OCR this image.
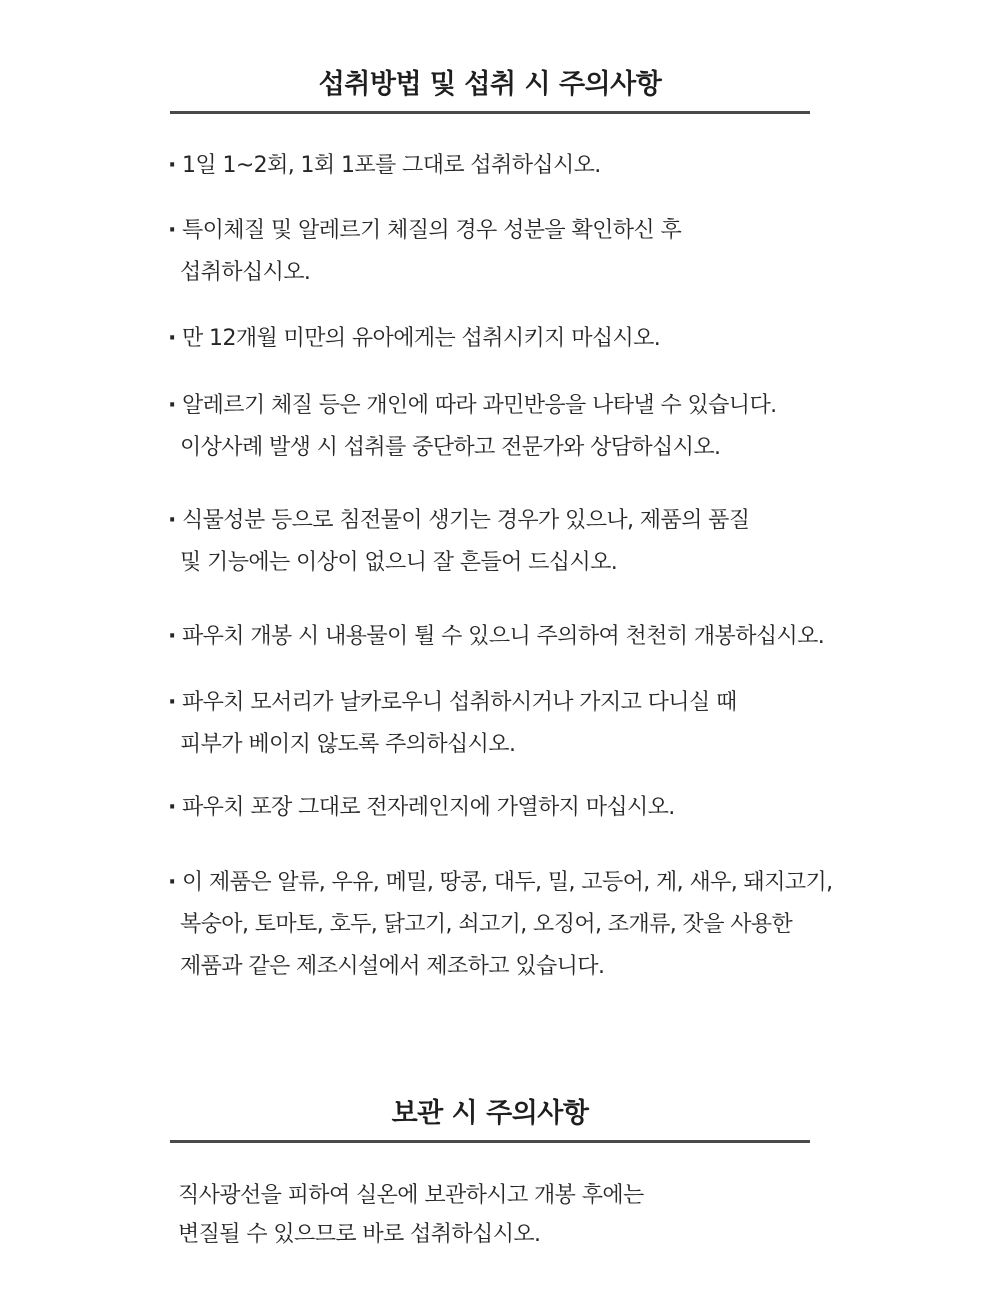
섭취방법 및 섭취 시 주의사항
· 1일 1~2회, 1회 1포를 그대로 섭취하십시오.
· 특이체질 및 알레르기 체질의 경우 성분을 확인하신 후
섭취하십시오.
· 만 12개월 미만의 유아에게는 섭취시키지 마십시오.
· 알레르기 체질 등은 개인에 따라 과민반응을 나타낼 수 있습니다.
이상사례 발생 시 섭취를 중단하고 전문가와 상담하십시오.
· 식물성분 등으로 침전물이 생기는 경우가 있으나, 제품의 품질
및 기능에는 이상이 없으니 잘 흔들어 드십시오.
· 파우치 개봉 시 내용물이 튈 수 있으니 주의하여 천천히 개봉하십시오.
· 파우치 모서리가 날카로우니 섭취하시거나 가지고 다니실 때
피부가 베이지 않도록 주의하십시오.
· 파우치 포장 그대로 전자레인지에 가열하지 마십시오.
· 이 제품은 알류, 우유, 메밀, 땅콩, 대두, 밀, 고등어, 게, 새우, 돼지고기,
복숭아, 토마토, 호두, 닭고기, 쇠고기, 오징어, 조개류, 잣을 사용한
제품과 같은 제조시설에서 제조하고 있습니다.
보관 시 주의사항
직사광선을 피하여 실온에 보관하시고 개봉 후에는
변질될 수 있으므로 바로 섭취하십시오.
